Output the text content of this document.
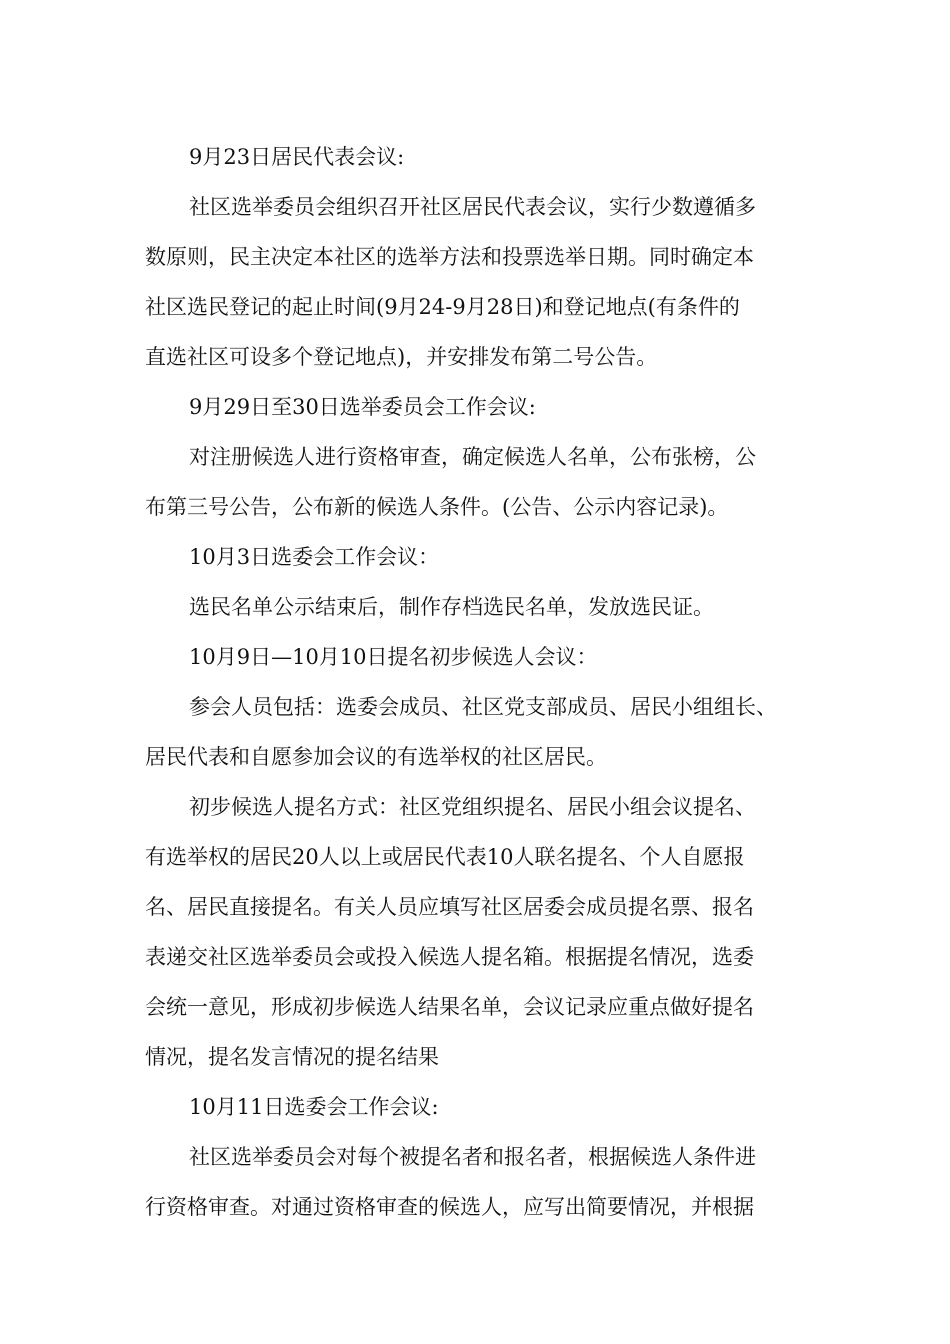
9月23日居民代表会议:

社区选举委员会组织召开社区居民代表会议，实行少数遵循多
数原则，民主决定本社区的选举方法和投票选举日期。同时确定本
社区选民登记的起止时间(9月24-9月28日)和登记地点(有条件的
直选社区可设多个登记地点)，并安排发布第二号公告。

9月29日至30日选举委员会工作会议:

对注册候选人进行资格审查，确定候选人名单，公布张榜，公
布第三号公告，公布新的候选人条件。(公告、公示内容记录)。

10月3日选委会工作会议：

选民名单公示结束后，制作存档选民名单，发放选民证。

10月9日—10月10日提名初步候选人会议：

参会人员包括：选委会成员、社区党支部成员、居民小组组长、
居民代表和自愿参加会议的有选举权的社区居民。

初步候选人提名方式：社区党组织提名、居民小组会议提名、
有选举权的居民20人以上或居民代表10人联名提名、个人自愿报
名、居民直接提名。有关人员应填写社区居委会成员提名票、报名
表递交社区选举委员会或投入候选人提名箱。根据提名情况，选委
会统一意见，形成初步候选人结果名单，会议记录应重点做好提名
情况，提名发言情况的提名结果

10月11日选委会工作会议:

社区选举委员会对每个被提名者和报名者，根据候选人条件进
行资格审查。对通过资格审查的候选人，应写出简要情况，并根据
